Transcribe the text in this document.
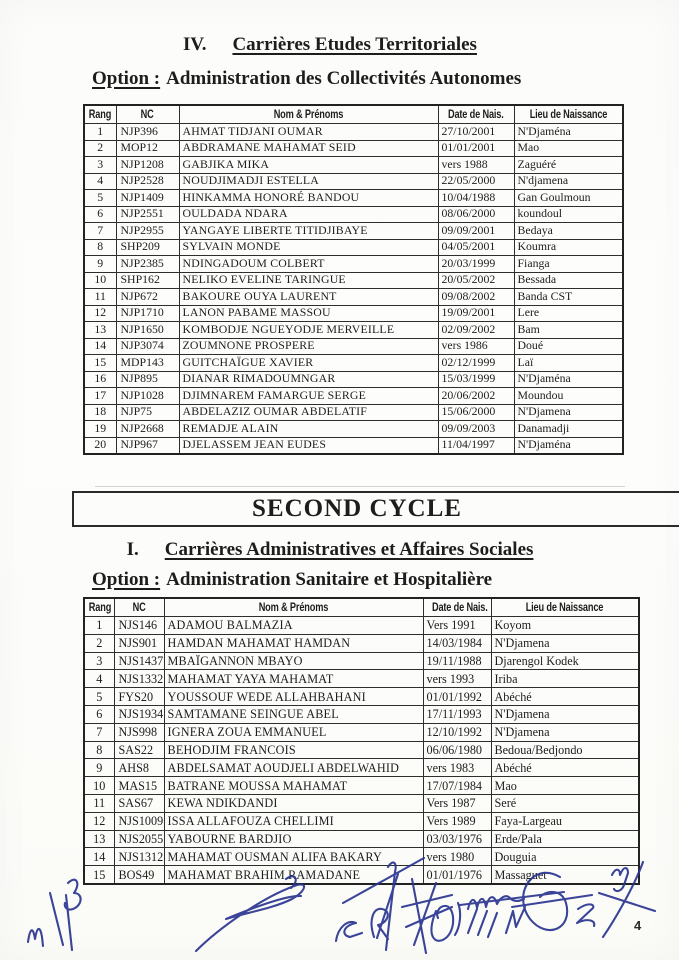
IV. Carrières Etudes Territoriales
Option : Administration des Collectivités Autonomes
Rang	NC	Nom & Prénoms	Date de Nais.	Lieu de Naissance
1	NJP396	AHMAT TIDJANI OUMAR	27/10/2001	N'Djaména
2	MOP12	ABDRAMANE MAHAMAT SEID	01/01/2001	Mao
3	NJP1208	GABJIKA MIKA	vers 1988	Zaguéré
4	NJP2528	NOUDJIMADJI ESTELLA	22/05/2000	N'djamena
5	NJP1409	HINKAMMA HONORÉ BANDOU	10/04/1988	Gan Goulmoun
6	NJP2551	OULDADA NDARA	08/06/2000	koundoul
7	NJP2955	YANGAYE LIBERTE TITIDJIBAYE	09/09/2001	Bedaya
8	SHP209	SYLVAIN MONDE	04/05/2001	Koumra
9	NJP2385	NDINGADOUM COLBERT	20/03/1999	Fianga
10	SHP162	NELIKO EVELINE TARINGUE	20/05/2002	Bessada
11	NJP672	BAKOURE OUYA LAURENT	09/08/2002	Banda CST
12	NJP1710	LANON PABAME MASSOU	19/09/2001	Lere
13	NJP1650	KOMBODJE NGUEYODJE MERVEILLE	02/09/2002	Bam
14	NJP3074	ZOUMNONE PROSPERE	vers 1986	Doué
15	MDP143	GUITCHAÏGUE XAVIER	02/12/1999	Laï
16	NJP895	DIANAR RIMADOUMNGAR	15/03/1999	N'Djaména
17	NJP1028	DJIMNAREM FAMARGUE SERGE	20/06/2002	Moundou
18	NJP75	ABDELAZIZ OUMAR ABDELATIF	15/06/2000	N'Djamena
19	NJP2668	REMADJE ALAIN	09/09/2003	Danamadji
20	NJP967	DJELASSEM JEAN EUDES	11/04/1997	N'Djaména
SECOND CYCLE
I. Carrières Administratives et Affaires Sociales
Option : Administration Sanitaire et Hospitalière
Rang	NC	Nom & Prénoms	Date de Nais.	Lieu de Naissance
1	NJS146	ADAMOU BALMAZIA	Vers 1991	Koyom
2	NJS901	HAMDAN MAHAMAT HAMDAN	14/03/1984	N'Djamena
3	NJS1437	MBAÏGANNON MBAYO	19/11/1988	Djarengol Kodek
4	NJS1332	MAHAMAT YAYA MAHAMAT	vers 1993	Iriba
5	FYS20	YOUSSOUF WEDE ALLAHBAHANI	01/01/1992	Abéché
6	NJS1934	SAMTAMANE SEINGUE ABEL	17/11/1993	N'Djamena
7	NJS998	IGNERA ZOUA EMMANUEL	12/10/1992	N'Djamena
8	SAS22	BEHODJIM FRANCOIS	06/06/1980	Bedoua/Bedjondo
9	AHS8	ABDELSAMAT AOUDJELI ABDELWAHID	vers 1983	Abéché
10	MAS15	BATRANE MOUSSA MAHAMAT	17/07/1984	Mao
11	SAS67	KEWA NDIKDANDI	Vers 1987	Seré
12	NJS1009	ISSA ALLAFOUZA CHELLIMI	Vers 1989	Faya-Largeau
13	NJS2055	YABOURNE BARDJIO	03/03/1976	Erde/Pala
14	NJS1312	MAHAMAT OUSMAN ALIFA BAKARY	vers 1980	Douguia
15	BOS49	MAHAMAT BRAHIM RAMADANE	01/01/1976	Massaguet
4
